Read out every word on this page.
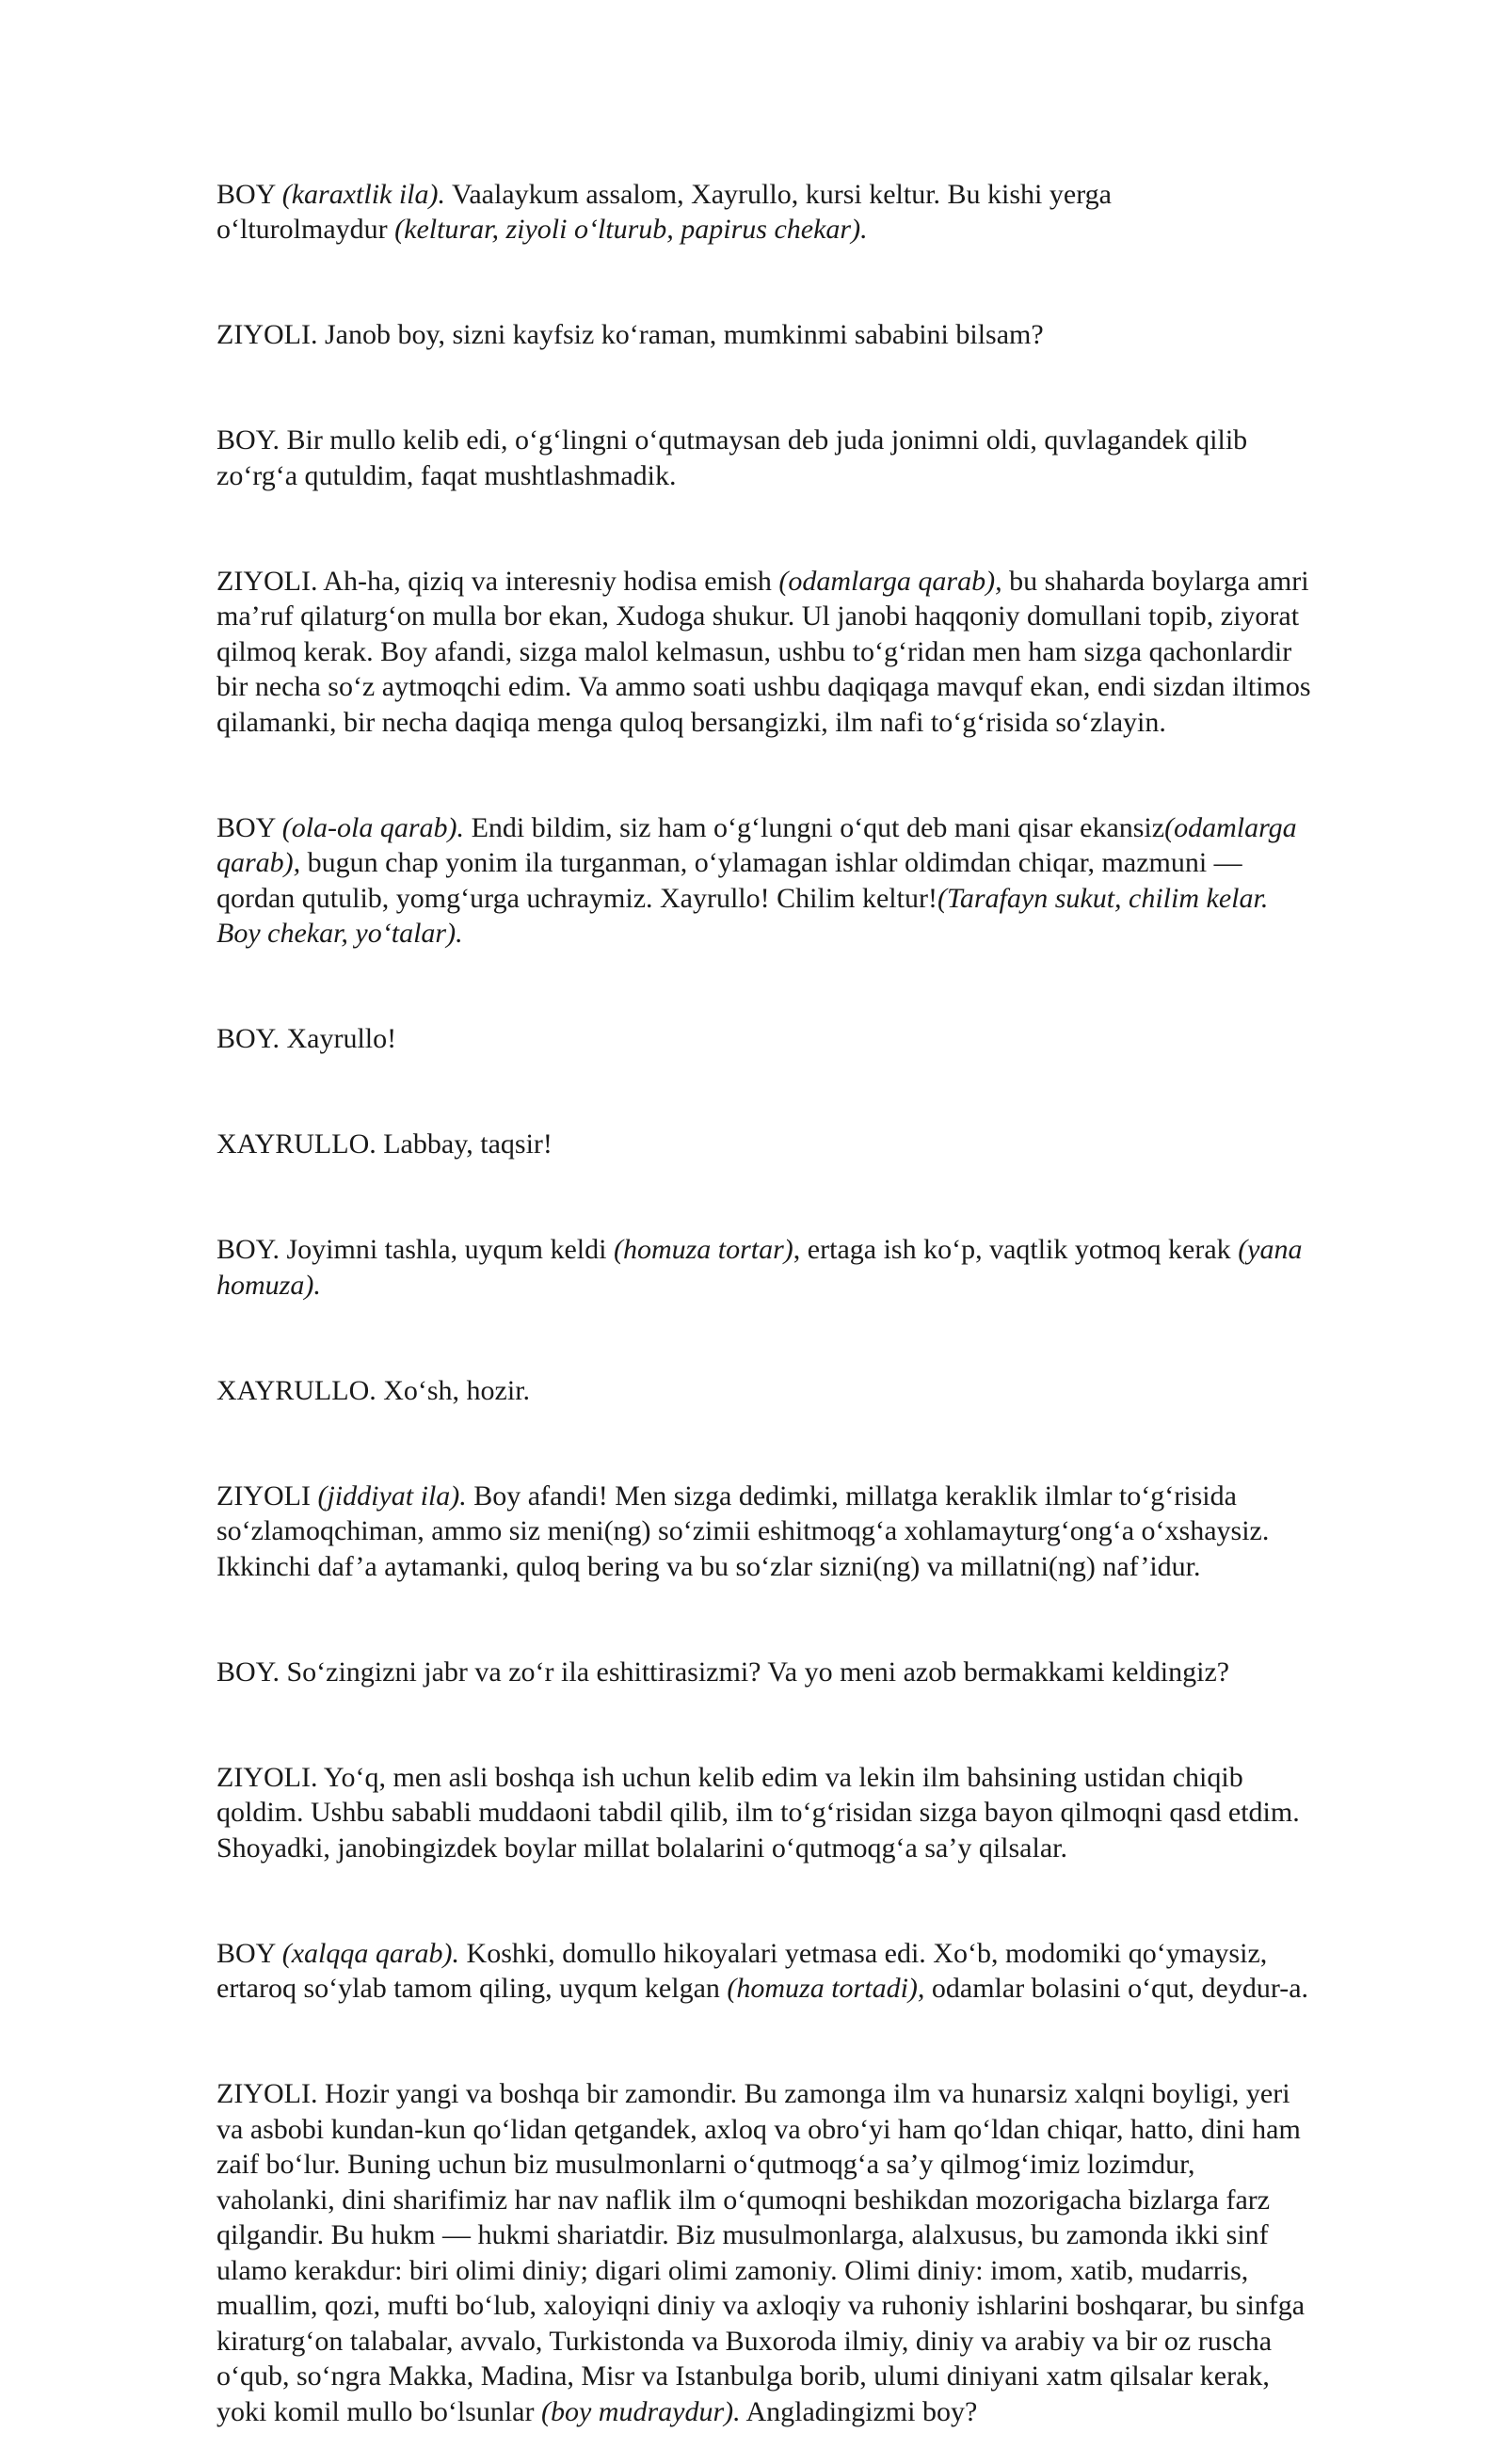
BOY (karaxtlik ila). Vaalaykum assalom, Xayrullo, kursi keltur. Bu kishi yerga
o‘lturolmaydur (kelturar, ziyoli o‘lturub, papirus chekar).

ZIYOLI. Janob boy, sizni kayfsiz ko‘raman, mumkinmi sababini bilsam?

BOY. Bir mullo kelib edi, o‘g‘lingni o‘qutmaysan deb juda jonimni oldi, quvlagandek qilib
zo‘rg‘a qutuldim, faqat mushtlashmadik.

ZIYOLI. Ah-ha, qiziq va interesniy hodisa emish (odamlarga qarab), bu shaharda boylarga amri
ma’ruf qilaturg‘on mulla bor ekan, Xudoga shukur. Ul janobi haqqoniy domullani topib, ziyorat
qilmoq kerak. Boy afandi, sizga malol kelmasun, ushbu to‘g‘ridan men ham sizga qachonlardir
bir necha so‘z aytmoqchi edim. Va ammo soati ushbu daqiqaga mavquf ekan, endi sizdan iltimos
qilamanki, bir necha daqiqa menga quloq bersangizki, ilm nafi to‘g‘risida so‘zlayin.

BOY (ola-ola qarab). Endi bildim, siz ham o‘g‘lungni o‘qut deb mani qisar ekansiz(odamlarga
qarab), bugun chap yonim ila turganman, o‘ylamagan ishlar oldimdan chiqar, mazmuni —
qordan qutulib, yomg‘urga uchraymiz. Xayrullo! Chilim keltur!(Tarafayn sukut, chilim kelar.
Boy chekar, yo‘talar).

BOY. Xayrullo!

XAYRULLO. Labbay, taqsir!

BOY. Joyimni tashla, uyqum keldi (homuza tortar), ertaga ish ko‘p, vaqtlik yotmoq kerak (yana
homuza).

XAYRULLO. Xo‘sh, hozir.

ZIYOLI (jiddiyat ila). Boy afandi! Men sizga dedimki, millatga keraklik ilmlar to‘g‘risida
so‘zlamoqchiman, ammo siz meni(ng) so‘zimii eshitmoqg‘a xohlamayturg‘ong‘a o‘xshaysiz.
Ikkinchi daf’a aytamanki, quloq bering va bu so‘zlar sizni(ng) va millatni(ng) naf’idur.

BOY. So‘zingizni jabr va zo‘r ila eshittirasizmi? Va yo meni azob bermakkami keldingiz?

ZIYOLI. Yo‘q, men asli boshqa ish uchun kelib edim va lekin ilm bahsining ustidan chiqib
qoldim. Ushbu sababli muddaoni tabdil qilib, ilm to‘g‘risidan sizga bayon qilmoqni qasd etdim.
Shoyadki, janobingizdek boylar millat bolalarini o‘qutmoqg‘a sa’y qilsalar.

BOY (xalqqa qarab). Koshki, domullo hikoyalari yetmasa edi. Xo‘b, modomiki qo‘ymaysiz,
ertaroq so‘ylab tamom qiling, uyqum kelgan (homuza tortadi), odamlar bolasini o‘qut, deydur-a.

ZIYOLI. Hozir yangi va boshqa bir zamondir. Bu zamonga ilm va hunarsiz xalqni boyligi, yeri
va asbobi kundan-kun qo‘lidan qetgandek, axloq va obro‘yi ham qo‘ldan chiqar, hatto, dini ham
zaif bo‘lur. Buning uchun biz musulmonlarni o‘qutmoqg‘a sa’y qilmog‘imiz lozimdur,
vaholanki, dini sharifimiz har nav naflik ilm o‘qumoqni beshikdan mozorigacha bizlarga farz
qilgandir. Bu hukm — hukmi shariatdir. Biz musulmonlarga, alalxusus, bu zamonda ikki sinf
ulamo kerakdur: biri olimi diniy; digari olimi zamoniy. Olimi diniy: imom, xatib, mudarris,
muallim, qozi, mufti bo‘lub, xaloyiqni diniy va axloqiy va ruhoniy ishlarini boshqarar, bu sinfga
kiraturg‘on talabalar, avvalo, Turkistonda va Buxoroda ilmiy, diniy va arabiy va bir oz ruscha
o‘qub, so‘ngra Makka, Madina, Misr va Istanbulga borib, ulumi diniyani xatm qilsalar kerak,
yoki komil mullo bo‘lsunlar (boy mudraydur). Angladingizmi boy?
